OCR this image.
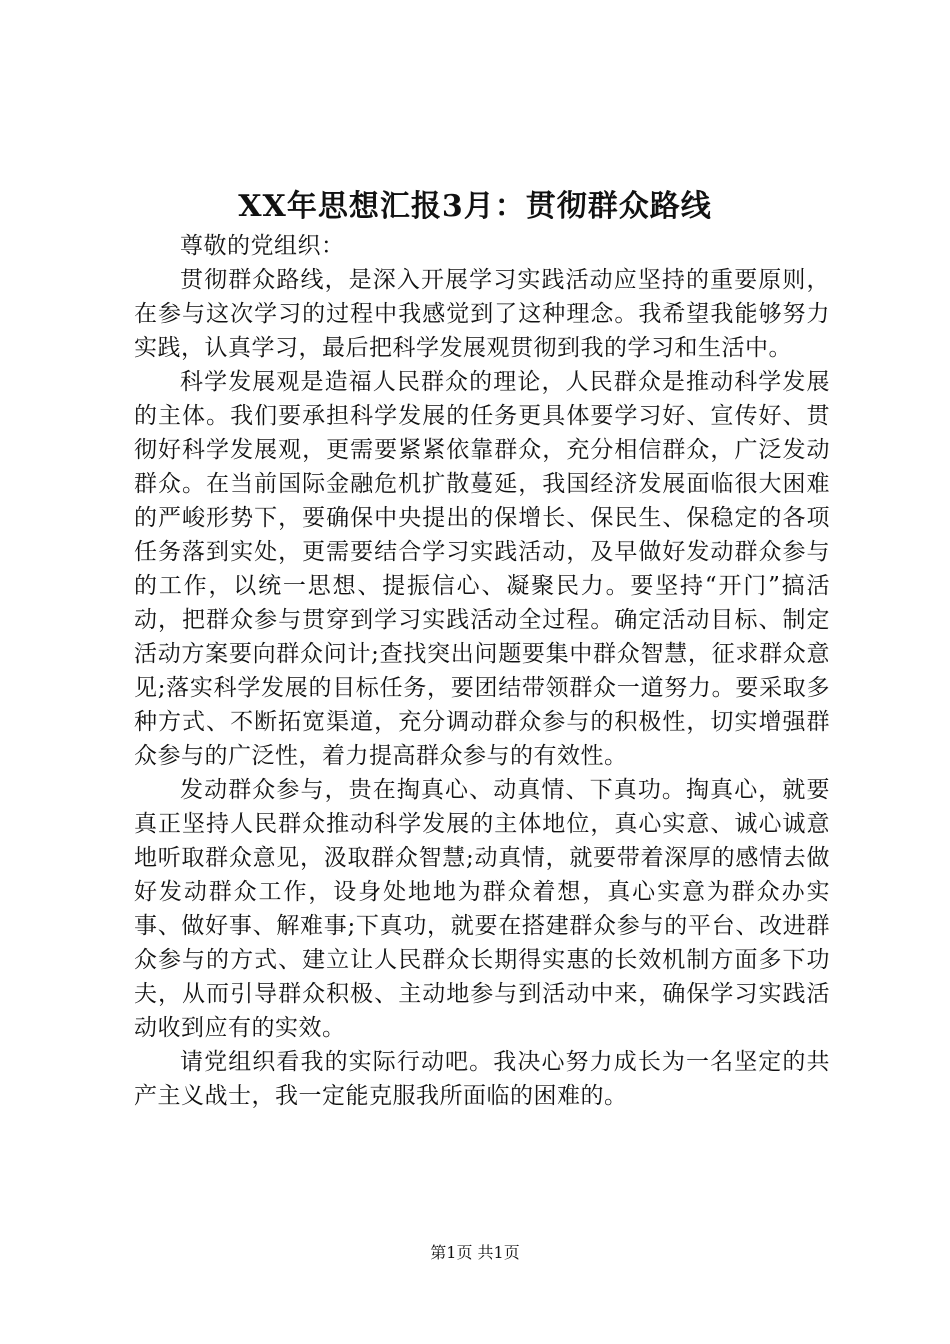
XX年思想汇报3月：贯彻群众路线

尊敬的党组织：

贯彻群众路线，是深入开展学习实践活动应坚持的重要原则，在参与这次学习的过程中我感觉到了这种理念。我希望我能够努力实践，认真学习，最后把科学发展观贯彻到我的学习和生活中。

科学发展观是造福人民群众的理论，人民群众是推动科学发展的主体。我们要承担科学发展的任务更具体要学习好、宣传好、贯彻好科学发展观，更需要紧紧依靠群众，充分相信群众，广泛发动群众。在当前国际金融危机扩散蔓延，我国经济发展面临很大困难的严峻形势下，要确保中央提出的保增长、保民生、保稳定的各项任务落到实处，更需要结合学习实践活动，及早做好发动群众参与的工作，以统一思想、提振信心、凝聚民力。要坚持“开门”搞活动，把群众参与贯穿到学习实践活动全过程。确定活动目标、制定活动方案要向群众问计;查找突出问题要集中群众智慧，征求群众意见;落实科学发展的目标任务，要团结带领群众一道努力。要采取多种方式、不断拓宽渠道，充分调动群众参与的积极性，切实增强群众参与的广泛性，着力提高群众参与的有效性。

发动群众参与，贵在掏真心、动真情、下真功。掏真心，就要真正坚持人民群众推动科学发展的主体地位，真心实意、诚心诚意地听取群众意见，汲取群众智慧;动真情，就要带着深厚的感情去做好发动群众工作，设身处地地为群众着想，真心实意为群众办实事、做好事、解难事;下真功，就要在搭建群众参与的平台、改进群众参与的方式、建立让人民群众长期得实惠的长效机制方面多下功夫，从而引导群众积极、主动地参与到活动中来，确保学习实践活动收到应有的实效。

请党组织看我的实际行动吧。我决心努力成长为一名坚定的共产主义战士，我一定能克服我所面临的困难的。

第1页 共1页
